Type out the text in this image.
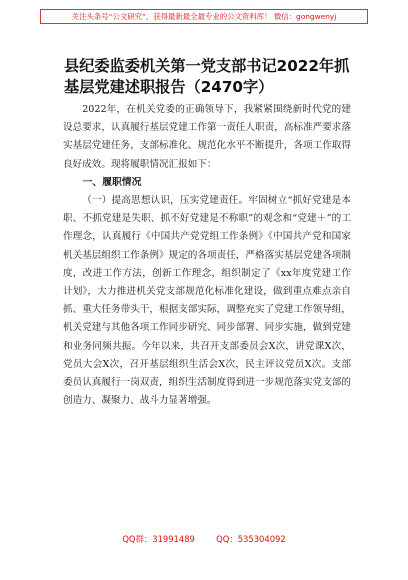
关注头条号“公文研究”，获得最新最全最专业的公文资料库！ 微信：gongwenyj
县纪委监委机关第一党支部书记2022年抓基层党建述职报告（2470字）

2022年，在机关党委的正确领导下，我紧紧围绕新时代党的建设总要求，认真履行基层党建工作第一责任人职责，高标准严要求落实基层党建任务，支部标准化、规范化水平不断提升，各项工作取得良好成效。现将履职情况汇报如下：

一、履职情况

（一）提高思想认识，压实党建责任。牢固树立“抓好党建是本职、不抓党建是失职、抓不好党建是不称职”的观念和“党建＋”的工作理念，认真履行《中国共产党党组工作条例》《中国共产党和国家机关基层组织工作条例》规定的各项责任，严格落实基层党建各项制度，改进工作方法，创新工作理念，组织制定了《xx年度党建工作计划》，大力推进机关党支部规范化标准化建设，做到重点难点亲自抓、重大任务带头干，根据支部实际，调整充实了党建工作领导组，机关党建与其他各项工作同步研究、同步部署、同步实施，做到党建和业务同频共振。今年以来，共召开支部委员会X次，讲党课X次，党员大会X次，召开基层组织生活会X次，民主评议党员X次。支部委员认真履行一岗双责，组织生活制度得到进一步规范落实党支部的创造力、凝聚力、战斗力显著增强。

QQ群：31991489        QQ：535304092
